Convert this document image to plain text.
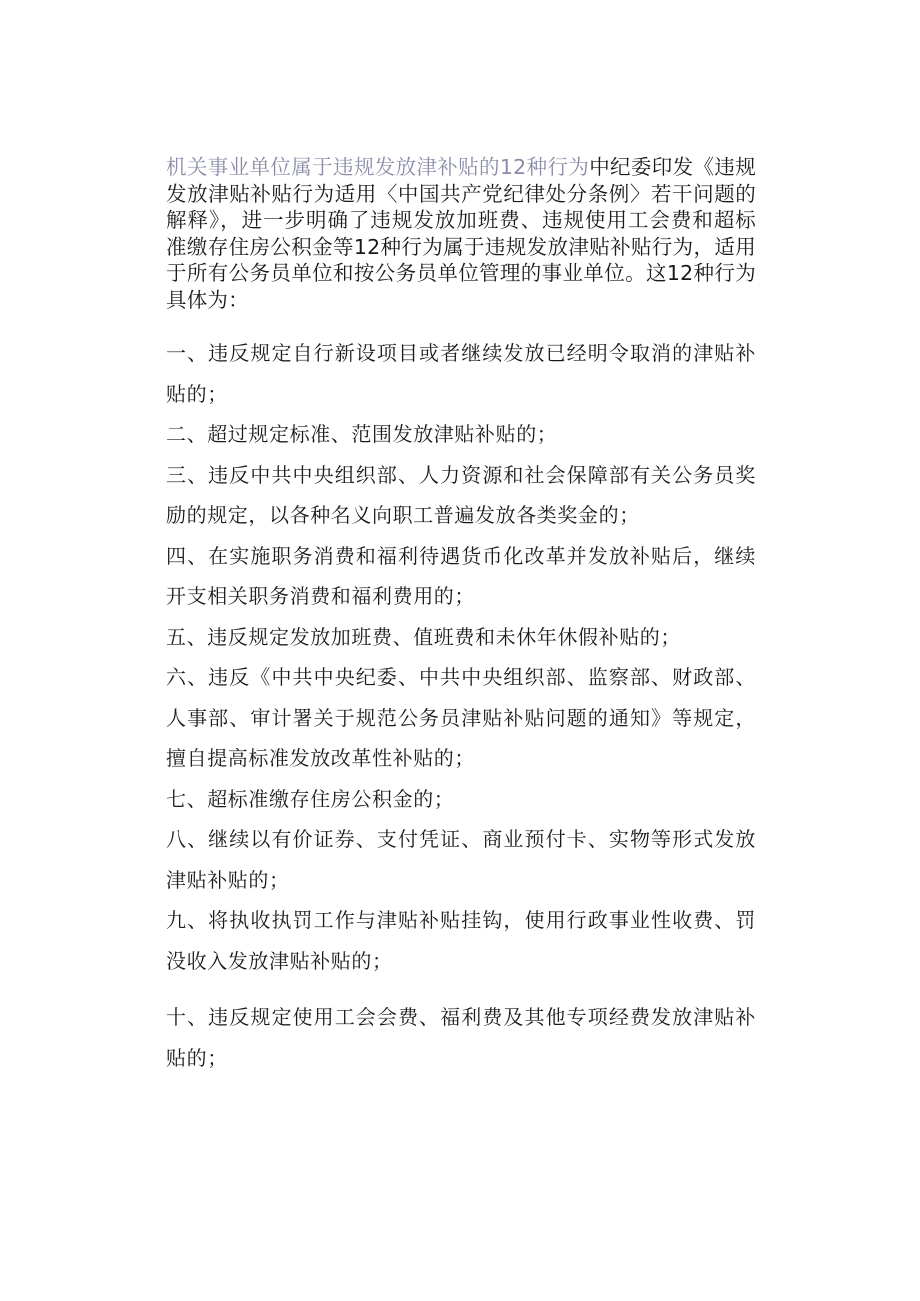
机关事业单位属于违规发放津补贴的12种行为中纪委印发《违规发放津贴补贴行为适用〈中国共产党纪律处分条例〉若干问题的解释》，进一步明确了违规发放加班费、违规使用工会费和超标准缴存住房公积金等12种行为属于违规发放津贴补贴行为，适用于所有公务员单位和按公务员单位管理的事业单位。这12种行为具体为：

一、违反规定自行新设项目或者继续发放已经明令取消的津贴补贴的；

二、超过规定标准、范围发放津贴补贴的；

三、违反中共中央组织部、人力资源和社会保障部有关公务员奖励的规定，以各种名义向职工普遍发放各类奖金的；

四、在实施职务消费和福利待遇货币化改革并发放补贴后，继续开支相关职务消费和福利费用的；

五、违反规定发放加班费、值班费和未休年休假补贴的；

六、违反《中共中央纪委、中共中央组织部、监察部、财政部、人事部、审计署关于规范公务员津贴补贴问题的通知》等规定，擅自提高标准发放改革性补贴的；

七、超标准缴存住房公积金的；

八、继续以有价证券、支付凭证、商业预付卡、实物等形式发放津贴补贴的；

九、将执收执罚工作与津贴补贴挂钩，使用行政事业性收费、罚没收入发放津贴补贴的；

十、违反规定使用工会会费、福利费及其他专项经费发放津贴补贴的；
